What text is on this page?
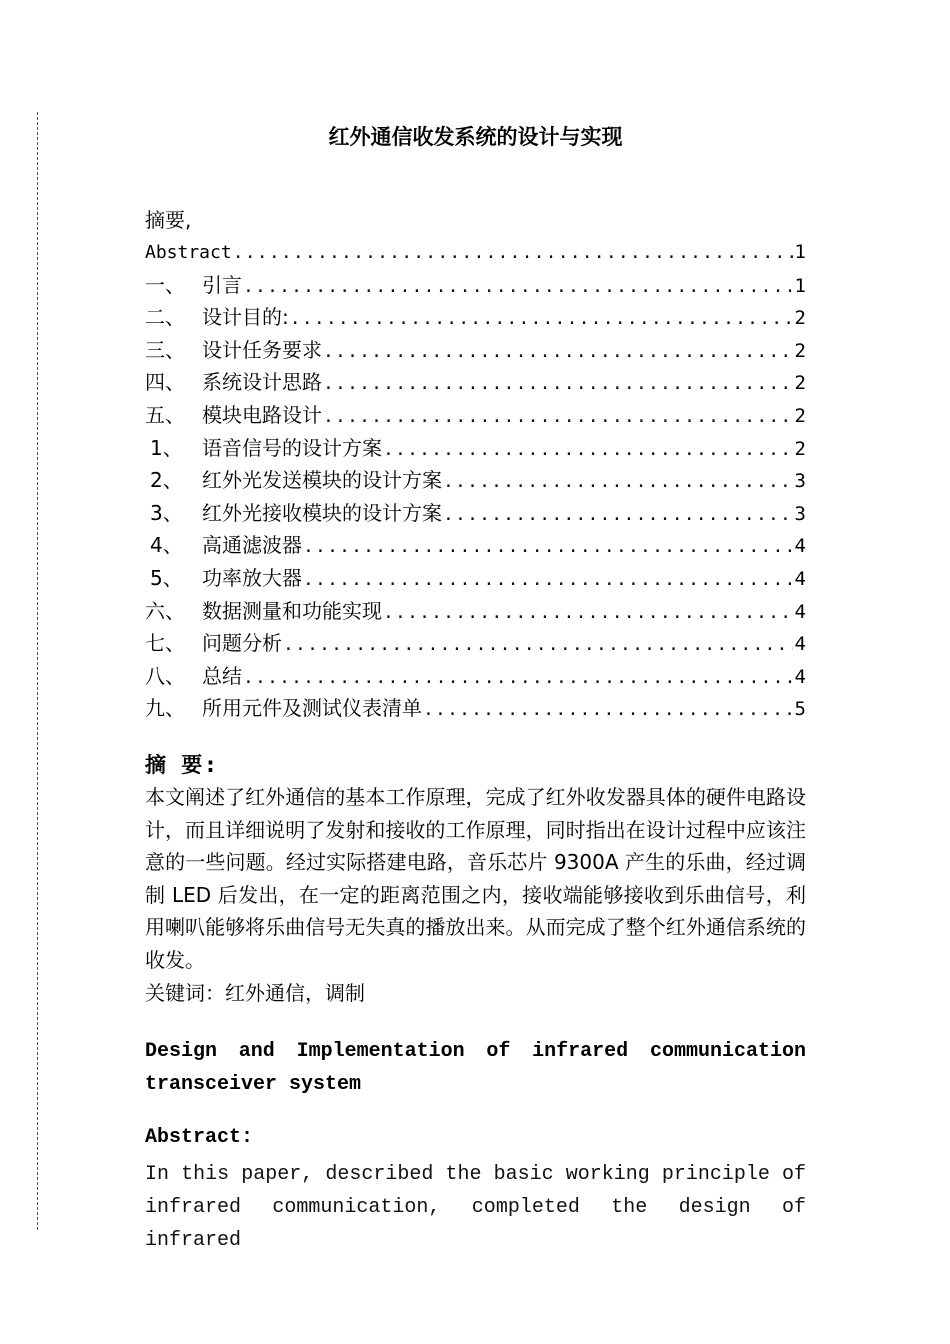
红外通信收发系统的设计与实现
摘要,
Abstract .....	1
一、 引言 .....	1
二、 设计目的: .....	2
三、 设计任务要求 .....	2
四、 系统设计思路 .....	2
五、 模块电路设计 .....	2
1、 语音信号的设计方案 .....	2
2、 红外光发送模块的设计方案 .....	3
3、 红外光接收模块的设计方案 .....	3
4、 高通滤波器 .....	4
5、 功率放大器 .....	4
六、 数据测量和功能实现 .....	4
七、 问题分析 .....	4
八、 总结 .....	4
九、 所用元件及测试仪表清单 .....	5
摘 要:

本文阐述了红外通信的基本工作原理，完成了红外收发器具体的硬件电路设计，而且详细说明了发射和接收的工作原理，同时指出在设计过程中应该注意的一些问题。经过实际搭建电路，音乐芯片 9300A 产生的乐曲，经过调制 LED 后发出，在一定的距离范围之内，接收端能够接收到乐曲信号，利用喇叭能够将乐曲信号无失真的播放出来。从而完成了整个红外通信系统的收发。

关键词：红外通信，调制

Design and Implementation of infrared communication
transceiver system

Abstract:
In this paper, described the basic working principle of
infrared communication, completed the design of infrared
